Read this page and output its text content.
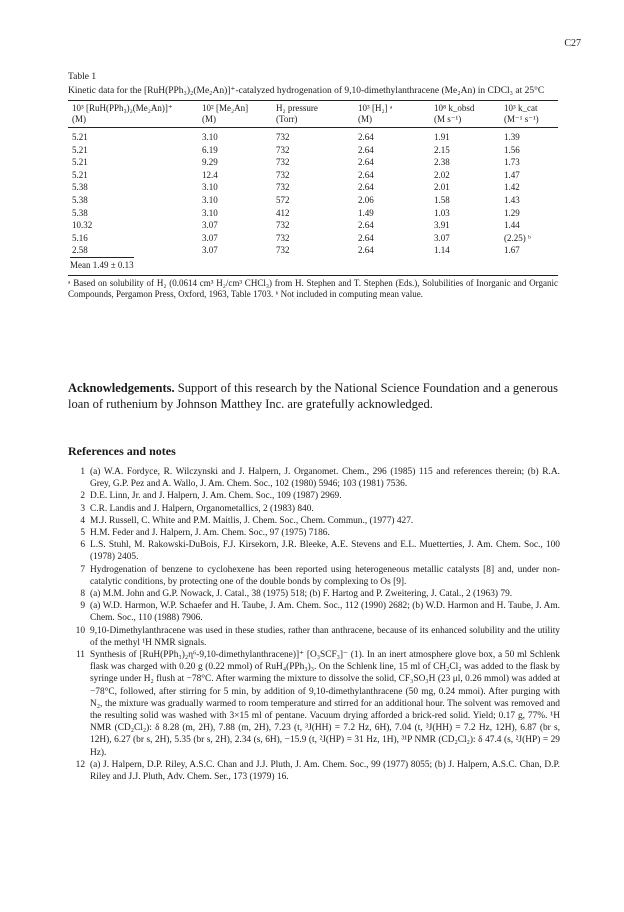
C27
Table 1
Kinetic data for the [RuH(PPh₃)₂(Me₂An)]⁺-catalyzed hydrogenation of 9,10-dimethylanthracene (Me₂An) in CDCl₃ at 25°C
10³ [RuH(PPh₃)₂(Me₂An)]⁺	10² [Me₂An]	H₂ pressure	10³ [H₂] ᵃ	10⁸ k_obsd	10³ k_cat
(M)	(M)	(Torr)	(M)	(M s⁻¹)	(M⁻¹ s⁻¹)
5.21	3.10	732	2.64	1.91	1.39
5.21	6.19	732	2.64	2.15	1.56
5.21	9.29	732	2.64	2.38	1.73
5.21	12.4	732	2.64	2.02	1.47
5.38	3.10	732	2.64	2.01	1.42
5.38	3.10	572	2.06	1.58	1.43
5.38	3.10	412	1.49	1.03	1.29
10.32	3.07	732	2.64	3.91	1.44
5.16	3.07	732	2.64	3.07	(2.25) ᵇ
2.58	3.07	732	2.64	1.14	1.67
Mean 1.49 ± 0.13					
ᵃ Based on solubility of H₂ (0.0614 cm³ H₂/cm³ CHCl₃) from H. Stephen and T. Stephen (Eds.), Solubilities of Inorganic and Organic Compounds, Pergamon Press, Oxford, 1963, Table 1703. ᵇ Not included in computing mean value.
Acknowledgements. Support of this research by the National Science Foundation and a generous loan of ruthenium by Johnson Matthey Inc. are gratefully acknowledged.
References and notes
1 (a) W.A. Fordyce, R. Wilczynski and J. Halpern, J. Organomet. Chem., 296 (1985) 115 and references therein; (b) R.A. Grey, G.P. Pez and A. Wallo, J. Am. Chem. Soc., 102 (1980) 5946; 103 (1981) 7536.
2 D.E. Linn, Jr. and J. Halpern, J. Am. Chem. Soc., 109 (1987) 2969.
3 C.R. Landis and J. Halpern, Organometallics, 2 (1983) 840.
4 M.J. Russell, C. White and P.M. Maitlis, J. Chem. Soc., Chem. Commun., (1977) 427.
5 H.M. Feder and J. Halpern, J. Am. Chem. Soc., 97 (1975) 7186.
6 L.S. Stuhl, M. Rakowski-DuBois, F.J. Kirsekorn, J.R. Bleeke, A.E. Stevens and E.L. Muetterties, J. Am. Chem. Soc., 100 (1978) 2405.
7 Hydrogenation of benzene to cyclohexene has been reported using heterogeneous metallic catalysts [8] and, under non-catalytic conditions, by protecting one of the double bonds by complexing to Os [9].
8 (a) M.M. John and G.P. Nowack, J. Catal., 38 (1975) 518; (b) F. Hartog and P. Zweitering, J. Catal., 2 (1963) 79.
9 (a) W.D. Harmon, W.P. Schaefer and H. Taube, J. Am. Chem. Soc., 112 (1990) 2682; (b) W.D. Harmon and H. Taube, J. Am. Chem. Soc., 110 (1988) 7906.
10 9,10-Dimethylanthracene was used in these studies, rather than anthracene, because of its enhanced solubility and the utility of the methyl ¹H NMR signals.
11 Synthesis of [RuH(PPh₃)₂η⁶-9,10-dimethylanthracene)]⁺ [O₃SCF₃]⁻ (1). In an inert atmosphere glove box, a 50 ml Schlenk flask was charged with 0.20 g (0.22 mmol) of RuH₄(PPh₃)₃. On the Schlenk line, 15 ml of CH₂Cl₂ was added to the flask by syringe under H₂ flush at −78°C. After warming the mixture to dissolve the solid, CF₃SO₃H (23 μl, 0.26 mmol) was added at −78°C, followed, after stirring for 5 min, by addition of 9,10-dimethylanthracene (50 mg, 0.24 mmoi). After purging with N₂, the mixture was gradually warmed to room temperature and stirred for an additional hour. The solvent was removed and the resulting solid was washed with 3×15 ml of pentane. Vacuum drying afforded a brick-red solid. Yield; 0.17 g, 77%. ¹H NMR (CD₂Cl₂): δ 8.28 (m, 2H), 7.88 (m, 2H), 7.23 (t, ³J(HH) = 7.2 Hz, 6H), 7.04 (t, ³J(HH) = 7.2 Hz, 12H), 6.87 (br s, 12H), 6.27 (br s, 2H), 5.35 (br s, 2H), 2.34 (s, 6H), −15.9 (t, ²J(HP) = 31 Hz, 1H), ³¹P NMR (CD₂Cl₂): δ 47.4 (s, ²J(HP) = 29 Hz).
12 (a) J. Halpern, D.P. Riley, A.S.C. Chan and J.J. Pluth, J. Am. Chem. Soc., 99 (1977) 8055; (b) J. Halpern, A.S.C. Chan, D.P. Riley and J.J. Pluth, Adv. Chem. Ser., 173 (1979) 16.
